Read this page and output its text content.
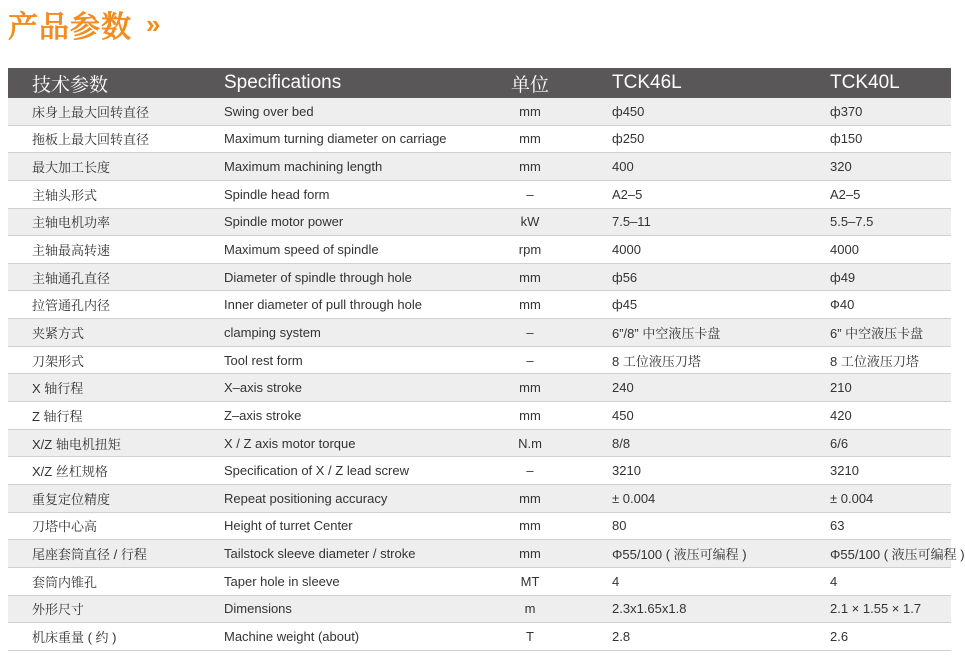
产品参数 »
技术参数	Specifications	单位	TCK46L	TCK40L
床身上最大回转直径	Swing over bed	mm	ф450	ф370
拖板上最大回转直径	Maximum turning diameter on carriage	mm	ф250	ф150
最大加工长度	Maximum machining length	mm	400	320
主轴头形式	Spindle head form	–	A2–5	A2–5
主轴电机功率	Spindle motor power	kW	7.5–11	5.5–7.5
主轴最高转速	Maximum speed of spindle	rpm	4000	4000
主轴通孔直径	Diameter of spindle through hole	mm	ф56	ф49
拉管通孔内径	Inner diameter of pull through hole	mm	ф45	Ф40
夹紧方式	clamping system	–	6”/8” 中空液压卡盘	6” 中空液压卡盘
刀架形式	Tool rest form	–	8 工位液压刀塔	8 工位液压刀塔
X 轴行程	X–axis stroke	mm	240	210
Z 轴行程	Z–axis stroke	mm	450	420
X/Z 轴电机扭矩	X / Z axis motor torque	N.m	8/8	6/6
X/Z 丝杠规格	Specification of X / Z lead screw	–	3210	3210
重复定位精度	Repeat positioning accuracy	mm	± 0.004	± 0.004
刀塔中心高	Height of turret Center	mm	80	63
尾座套筒直径 / 行程	Tailstock sleeve diameter / stroke	mm	Φ55/100 ( 液压可编程 )	Φ55/100 ( 液压可编程 )
套筒内锥孔	Taper hole in sleeve	MT	4	4
外形尺寸	Dimensions	m	2.3x1.65x1.8	2.1 × 1.55 × 1.7
机床重量 ( 约 )	Machine weight (about)	T	2.8	2.6
